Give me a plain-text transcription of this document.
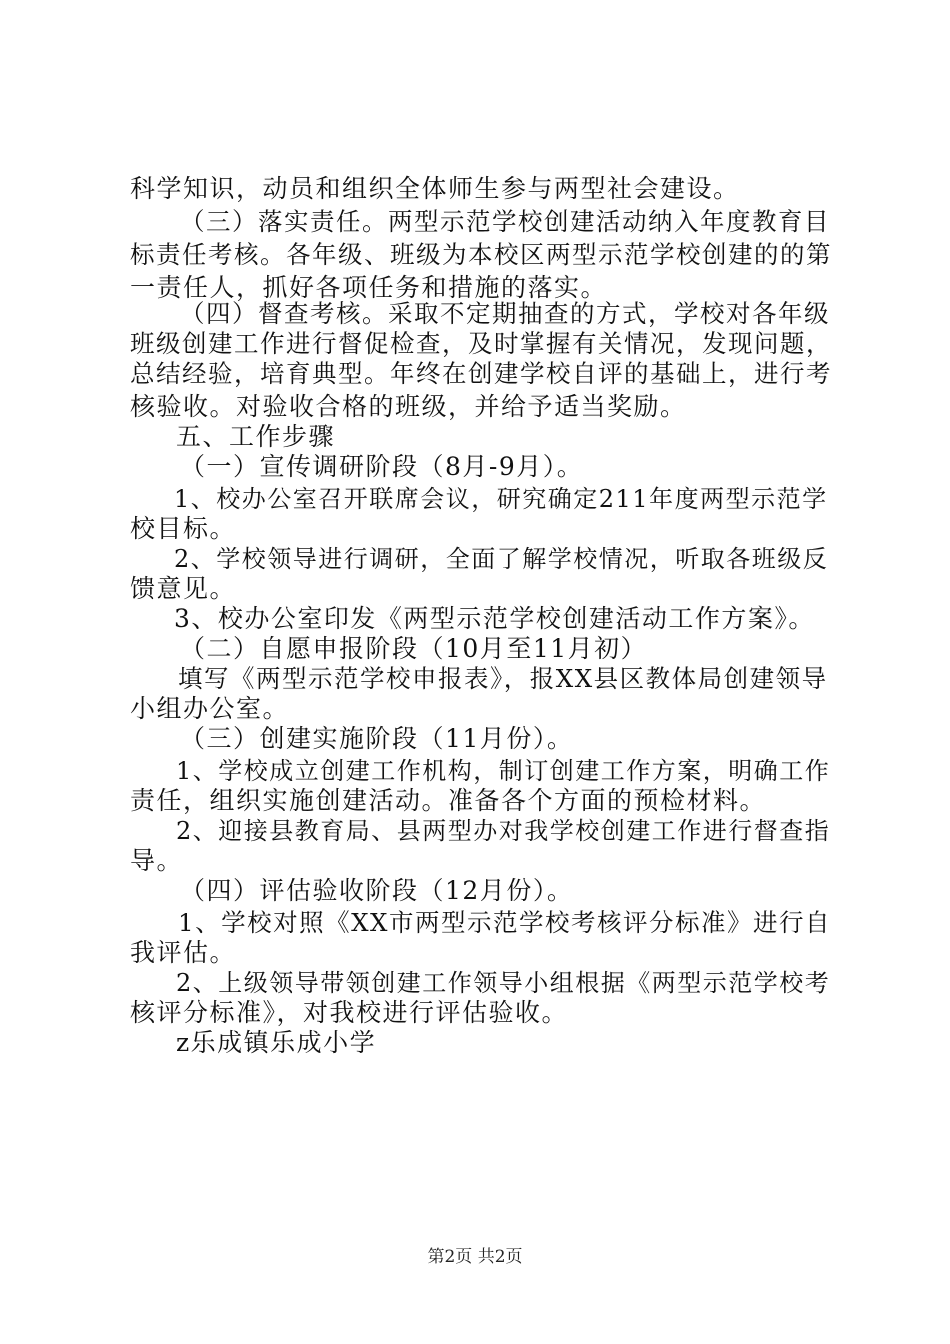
科学知识，动员和组织全体师生参与两型社会建设。
（三）落实责任。两型示范学校创建活动纳入年度教育目
标责任考核。各年级、班级为本校区两型示范学校创建的的第
一责任人，抓好各项任务和措施的落实。
（四）督查考核。采取不定期抽查的方式，学校对各年级
班级创建工作进行督促检查，及时掌握有关情况，发现问题，
总结经验，培育典型。年终在创建学校自评的基础上，进行考
核验收。对验收合格的班级，并给予适当奖励。
五、工作步骤
（一）宣传调研阶段（8月-9月）。
1、校办公室召开联席会议，研究确定211年度两型示范学
校目标。
2、学校领导进行调研，全面了解学校情况，听取各班级反
馈意见。
3、校办公室印发《两型示范学校创建活动工作方案》。
（二）自愿申报阶段（10月至11月初）
填写《两型示范学校申报表》，报XX县区教体局创建领导
小组办公室。
（三）创建实施阶段（11月份）。
1、学校成立创建工作机构，制订创建工作方案，明确工作
责任，组织实施创建活动。准备各个方面的预检材料。
2、迎接县教育局、县两型办对我学校创建工作进行督查指
导。
（四）评估验收阶段（12月份）。
1、学校对照《XX市两型示范学校考核评分标准》进行自
我评估。
2、上级领导带领创建工作领导小组根据《两型示范学校考
核评分标准》，对我校进行评估验收。
z乐成镇乐成小学
第2页 共2页
